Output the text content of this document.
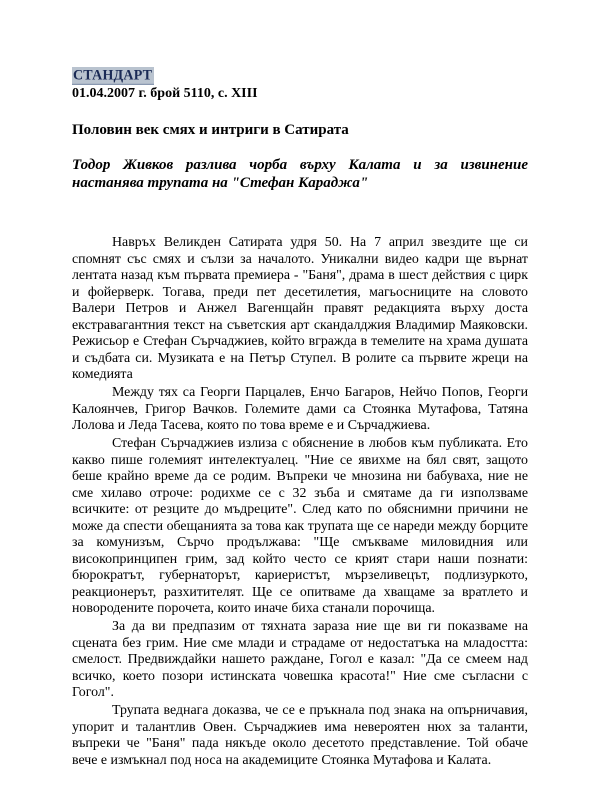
СТАНДАРТ
01.04.2007 г. брой 5110, с. XIII
Половин век смях и интриги в Сатирата
Тодор Живков разлива чорба върху Калата и за извинение настанява трупата на "Стефан Караджа"

Навръх Великден Сатирата удря 50. На 7 април звездите ще си спомнят със смях и сълзи за началото. Уникални видео кадри ще върнат лентата назад към първата премиера - "Баня", драма в шест действия с цирк и фойерверк. Тогава, преди пет десетилетия, магьосниците на словото Валери Петров и Анжел Вагенщайн правят редакцията върху доста екстравагантния текст на съветския арт скандалджия Владимир Маяковски. Режисьор е Стефан Сърчаджиев, който вгражда в темелите на храма душата и съдбата си. Музиката е на Петър Ступел. В ролите са първите жреци на комедията

Между тях са Георги Парцалев, Енчо Багаров, Нейчо Попов, Георги Калоянчев, Григор Вачков. Големите дами са Стоянка Мутафова, Татяна Лолова и Леда Тасева, която по това време е и Сърчаджиева.

Стефан Сърчаджиев излиза с обяснение в любов към публиката. Ето какво пише големият интелектуалец. "Ние се явихме на бял свят, защото беше крайно време да се родим. Въпреки че мнозина ни бабуваха, ние не сме хилаво отроче: родихме се с 32 зъба и смятаме да ги използваме всичките: от резците до мъдреците". След като по обяснимни причини не може да спести обещанията за това как трупата ще се нареди между борците за комунизъм, Сърчо продължава: "Ще смъкваме миловидния или високопринципен грим, зад който често се крият стари наши познати: бюрократът, губернаторът, кариеристът, мързеливецът, подлизуркото, реакционерът, разхитителят. Ще се опитваме да хващаме за вратлето и новородените порочета, които иначе биха станали порочища.

За да ви предпазим от тяхната зараза ние ще ви ги показваме на сцената без грим. Ние сме млади и страдаме от недостатъка на младостта: смелост. Предвиждайки нашето раждане, Гогол е казал: "Да се смеем над всичко, което позори истинската човешка красота!" Ние сме съгласни с Гогол".

Трупата веднага доказва, че се е пръкнала под знака на опърничавия, упорит и талантлив Овен. Сърчаджиев има невероятен нюх за таланти, въпреки че "Баня" пада някъде около десетото представление. Той обаче вече е измъкнал под носа на академиците Стоянка Мутафова и Калата.
